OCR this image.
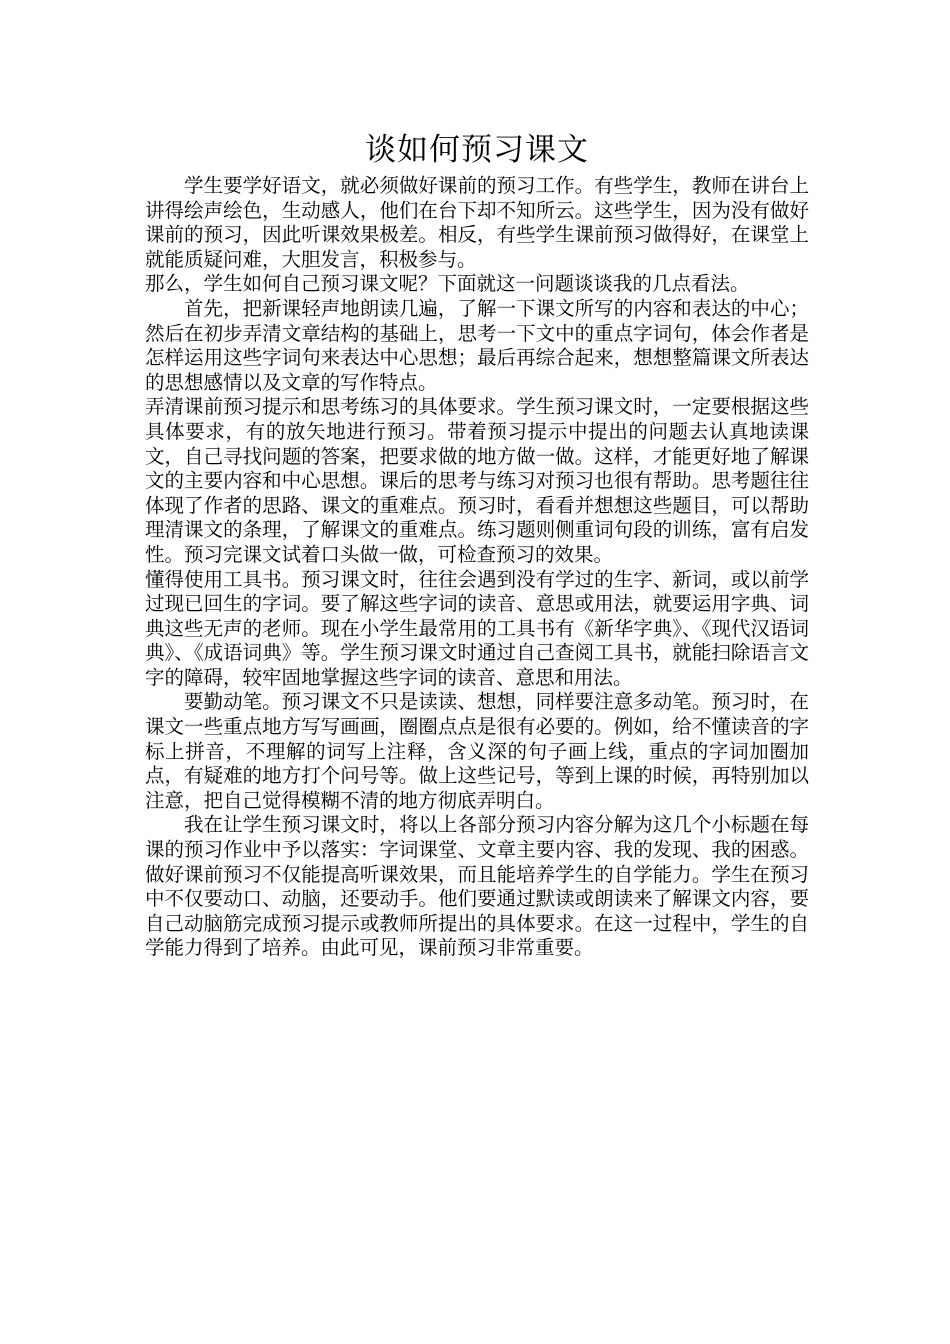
谈如何预习课文

学生要学好语文，就必须做好课前的预习工作。有些学生，教师在讲台上讲得绘声绘色，生动感人，他们在台下却不知所云。这些学生，因为没有做好课前的预习，因此听课效果极差。相反，有些学生课前预习做得好，在课堂上就能质疑问难，大胆发言，积极参与。

那么，学生如何自己预习课文呢？下面就这一问题谈谈我的几点看法。

首先，把新课轻声地朗读几遍，了解一下课文所写的内容和表达的中心；然后在初步弄清文章结构的基础上，思考一下文中的重点字词句，体会作者是怎样运用这些字词句来表达中心思想；最后再综合起来，想想整篇课文所表达的思想感情以及文章的写作特点。

弄清课前预习提示和思考练习的具体要求。学生预习课文时，一定要根据这些具体要求，有的放矢地进行预习。带着预习提示中提出的问题去认真地读课文，自己寻找问题的答案，把要求做的地方做一做。这样，才能更好地了解课文的主要内容和中心思想。课后的思考与练习对预习也很有帮助。思考题往往体现了作者的思路、课文的重难点。预习时，看看并想想这些题目，可以帮助理清课文的条理，了解课文的重难点。练习题则侧重词句段的训练，富有启发性。预习完课文试着口头做一做，可检查预习的效果。

懂得使用工具书。预习课文时，往往会遇到没有学过的生字、新词，或以前学过现已回生的字词。要了解这些字词的读音、意思或用法，就要运用字典、词典这些无声的老师。现在小学生最常用的工具书有《新华字典》、《现代汉语词典》、《成语词典》等。学生预习课文时通过自己查阅工具书，就能扫除语言文字的障碍，较牢固地掌握这些字词的读音、意思和用法。

要勤动笔。预习课文不只是读读、想想，同样要注意多动笔。预习时，在课文一些重点地方写写画画，圈圈点点是很有必要的。例如，给不懂读音的字标上拼音，不理解的词写上注释，含义深的句子画上线，重点的字词加圈加点，有疑难的地方打个问号等。做上这些记号，等到上课的时候，再特别加以注意，把自己觉得模糊不清的地方彻底弄明白。

我在让学生预习课文时，将以上各部分预习内容分解为这几个小标题在每课的预习作业中予以落实：字词课堂、文章主要内容、我的发现、我的困惑。做好课前预习不仅能提高听课效果，而且能培养学生的自学能力。学生在预习中不仅要动口、动脑，还要动手。他们要通过默读或朗读来了解课文内容，要自己动脑筋完成预习提示或教师所提出的具体要求。在这一过程中，学生的自学能力得到了培养。由此可见，课前预习非常重要。
